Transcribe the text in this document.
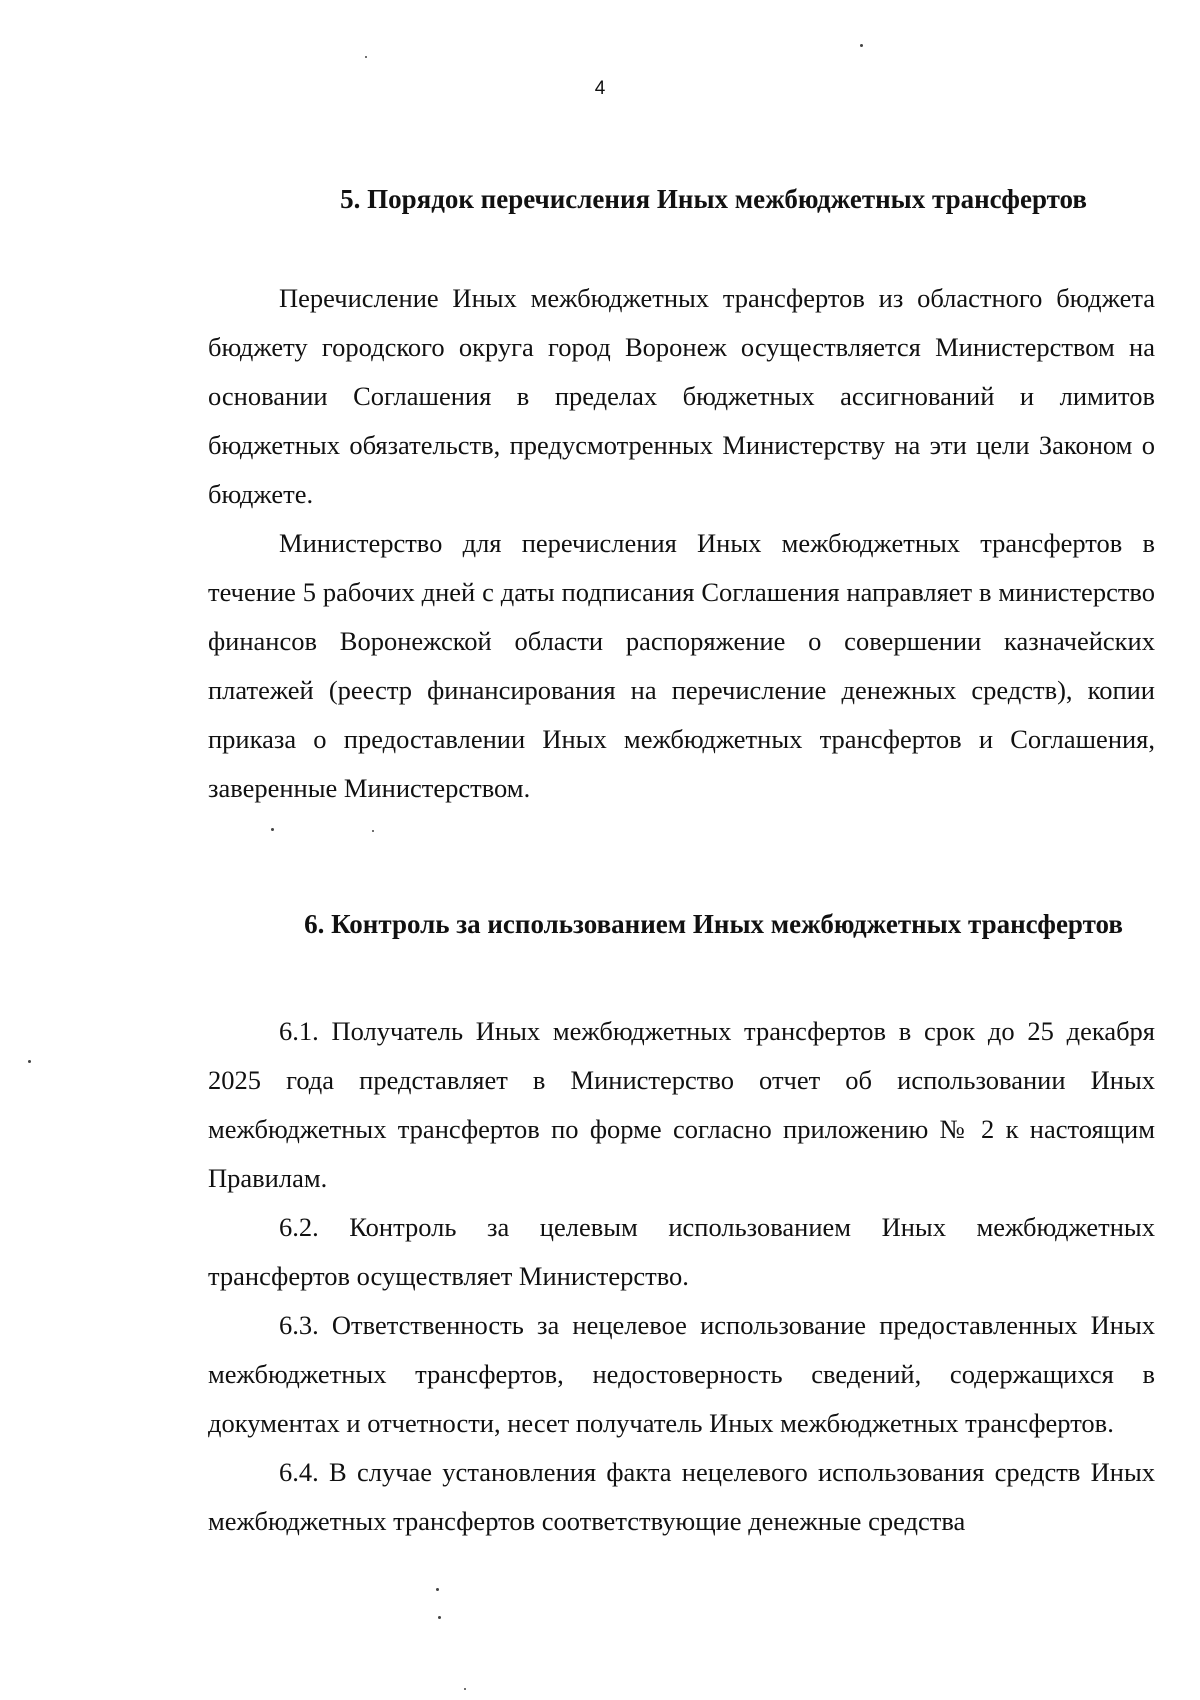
4
5. Порядок перечисления Иных межбюджетных трансфертов

Перечисление Иных межбюджетных трансфертов из областного бюджета бюджету городского округа город Воронеж осуществляется Министерством на основании Соглашения в пределах бюджетных ассигнований и лимитов бюджетных обязательств, предусмотренных Министерству на эти цели Законом о бюджете.

Министерство для перечисления Иных межбюджетных трансфертов в течение 5 рабочих дней с даты подписания Соглашения направляет в министерство финансов Воронежской области распоряжение о совершении казначейских платежей (реестр финансирования на перечисление денежных средств), копии приказа о предоставлении Иных межбюджетных трансфертов и Соглашения, заверенные Министерством.

6. Контроль за использованием Иных межбюджетных трансфертов

6.1. Получатель Иных межбюджетных трансфертов в срок до 25 декабря 2025 года представляет в Министерство отчет об использовании Иных межбюджетных трансфертов по форме согласно приложению № 2 к настоящим Правилам.

6.2. Контроль за целевым использованием Иных межбюджетных трансфертов осуществляет Министерство.

6.3. Ответственность за нецелевое использование предоставленных Иных межбюджетных трансфертов, недостоверность сведений, содержащихся в документах и отчетности, несет получатель Иных межбюджетных трансфертов.

6.4. В случае установления факта нецелевого использования средств Иных межбюджетных трансфертов соответствующие денежные средства
